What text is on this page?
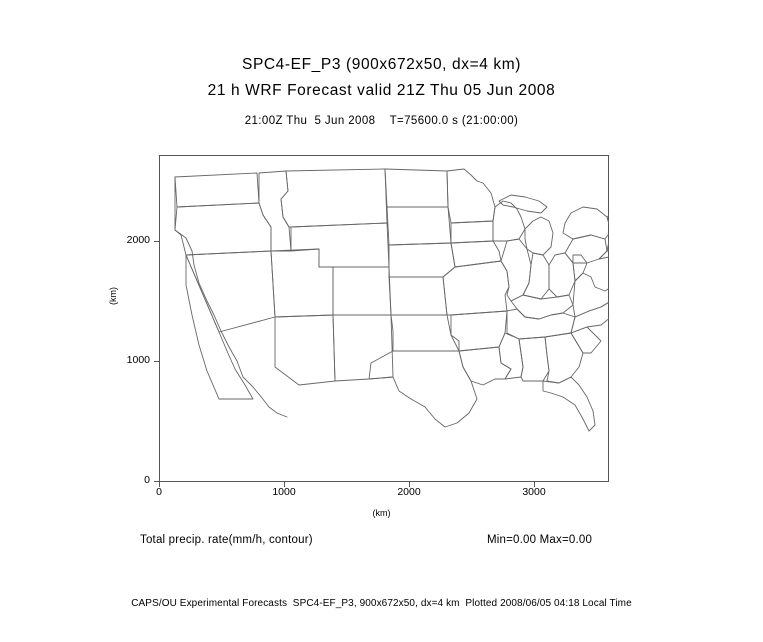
SPC4-EF_P3 (900x672x50, dx=4 km)
21 h WRF Forecast valid 21Z Thu 05 Jun 2008
21:00Z Thu  5 Jun 2008    T=75600.0 s (21:00:00)
2000
1000
0
0	1000	2000	3000
(km)
(km)
Total precip. rate(mm/h, contour)	Min=0.00 Max=0.00
CAPS/OU Experimental Forecasts  SPC4-EF_P3, 900x672x50, dx=4 km  Plotted 2008/06/05 04:18 Local Time
